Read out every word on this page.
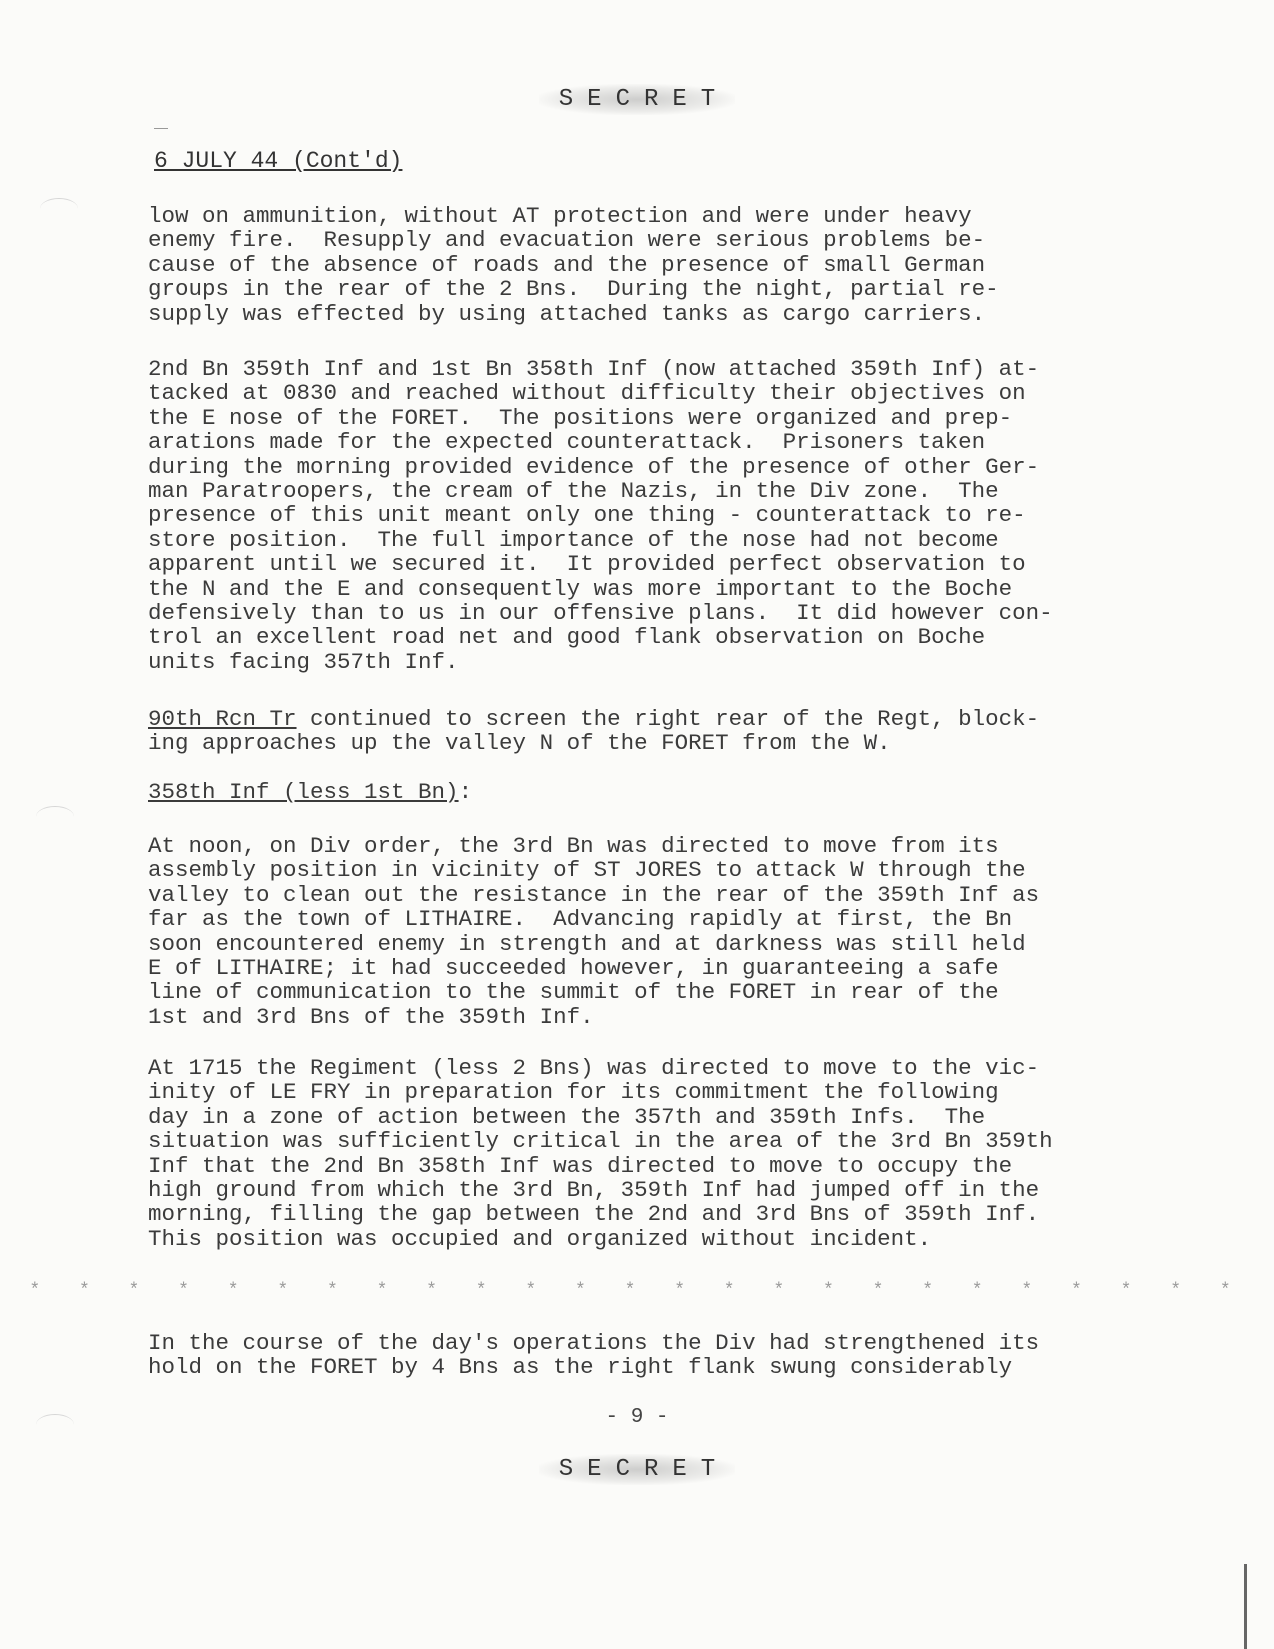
SECRET
6 JULY 44 (Cont'd)

low on ammunition, without AT protection and were under heavy
enemy fire.  Resupply and evacuation were serious problems be-
cause of the absence of roads and the presence of small German
groups in the rear of the 2 Bns.  During the night, partial re-
supply was effected by using attached tanks as cargo carriers.

2nd Bn 359th Inf and 1st Bn 358th Inf (now attached 359th Inf) at-
tacked at 0830 and reached without difficulty their objectives on
the E nose of the FORET.  The positions were organized and prep-
arations made for the expected counterattack.  Prisoners taken
during the morning provided evidence of the presence of other Ger-
man Paratroopers, the cream of the Nazis, in the Div zone.  The
presence of this unit meant only one thing - counterattack to re-
store position.  The full importance of the nose had not become
apparent until we secured it.  It provided perfect observation to
the N and the E and consequently was more important to the Boche
defensively than to us in our offensive plans.  It did however con-
trol an excellent road net and good flank observation on Boche
units facing 357th Inf.

90th Rcn Tr continued to screen the right rear of the Regt, block-
ing approaches up the valley N of the FORET from the W.

358th Inf (less 1st Bn):

At noon, on Div order, the 3rd Bn was directed to move from its
assembly position in vicinity of ST JORES to attack W through the
valley to clean out the resistance in the rear of the 359th Inf as
far as the town of LITHAIRE.  Advancing rapidly at first, the Bn
soon encountered enemy in strength and at darkness was still held
E of LITHAIRE; it had succeeded however, in guaranteeing a safe
line of communication to the summit of the FORET in rear of the
1st and 3rd Bns of the 359th Inf.

At 1715 the Regiment (less 2 Bns) was directed to move to the vic-
inity of LE FRY in preparation for its commitment the following
day in a zone of action between the 357th and 359th Infs.  The
situation was sufficiently critical in the area of the 3rd Bn 359th
Inf that the 2nd Bn 358th Inf was directed to move to occupy the
high ground from which the 3rd Bn, 359th Inf had jumped off in the
morning, filling the gap between the 2nd and 3rd Bns of 359th Inf.
This position was occupied and organized without incident.

* * * * * * * * * * * * * * * * * * * * * * * * *

In the course of the day's operations the Div had strengthened its
hold on the FORET by 4 Bns as the right flank swung considerably

- 9 -
SECRET
